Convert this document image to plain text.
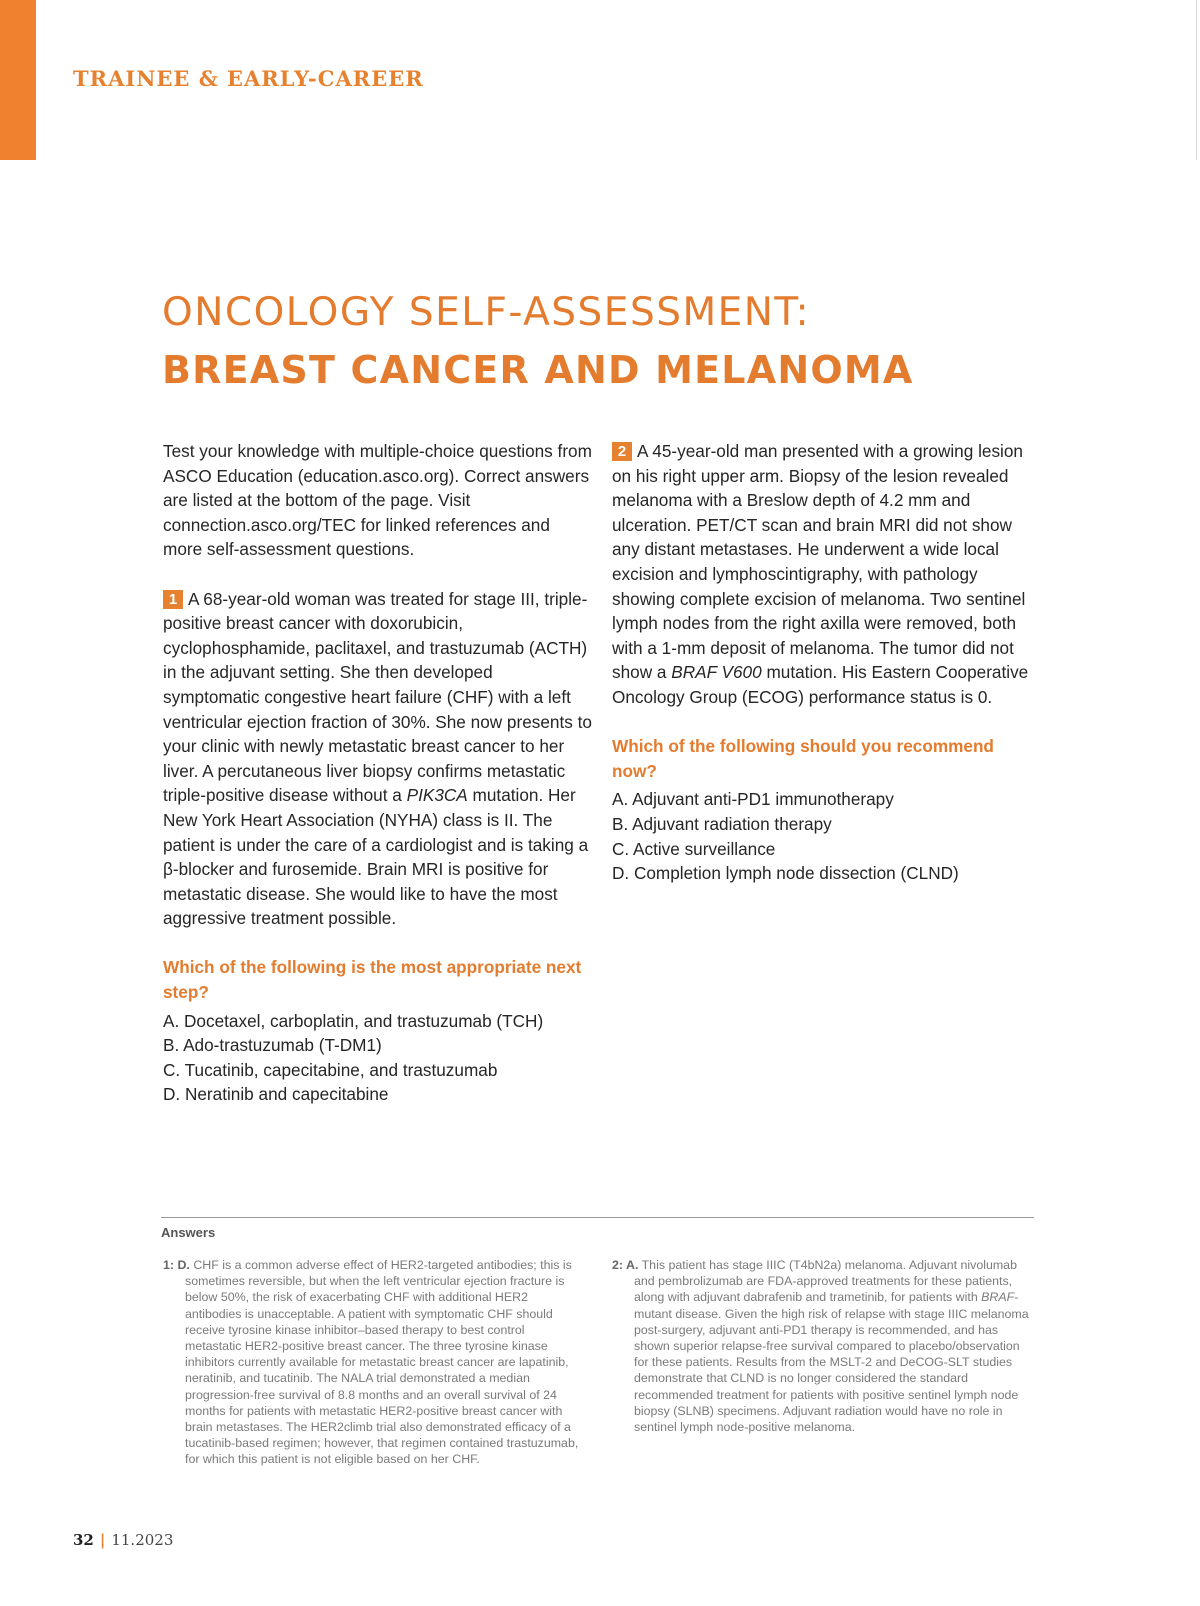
TRAINEE & EARLY-CAREER
ONCOLOGY SELF-ASSESSMENT:
BREAST CANCER AND MELANOMA

Test your knowledge with multiple-choice questions from ASCO Education (education.asco.org). Correct answers are listed at the bottom of the page. Visit connection.asco.org/TEC for linked references and more self-assessment questions.

1 A 68-year-old woman was treated for stage III, triple-positive breast cancer with doxorubicin, cyclophosphamide, paclitaxel, and trastuzumab (ACTH) in the adjuvant setting. She then developed symptomatic congestive heart failure (CHF) with a left ventricular ejection fraction of 30%. She now presents to your clinic with newly metastatic breast cancer to her liver. A percutaneous liver biopsy confirms metastatic triple-positive disease without a PIK3CA mutation. Her New York Heart Association (NYHA) class is II. The patient is under the care of a cardiologist and is taking a β-blocker and furosemide. Brain MRI is positive for metastatic disease. She would like to have the most aggressive treatment possible.

Which of the following is the most appropriate next step?

A. Docetaxel, carboplatin, and trastuzumab (TCH)
B. Ado-trastuzumab (T-DM1)
C. Tucatinib, capecitabine, and trastuzumab
D. Neratinib and capecitabine

2 A 45-year-old man presented with a growing lesion on his right upper arm. Biopsy of the lesion revealed melanoma with a Breslow depth of 4.2 mm and ulceration. PET/CT scan and brain MRI did not show any distant metastases. He underwent a wide local excision and lymphoscintigraphy, with pathology showing complete excision of melanoma. Two sentinel lymph nodes from the right axilla were removed, both with a 1-mm deposit of melanoma. The tumor did not show a BRAF V600 mutation. His Eastern Cooperative Oncology Group (ECOG) performance status is 0.

Which of the following should you recommend now?

A. Adjuvant anti-PD1 immunotherapy
B. Adjuvant radiation therapy
C. Active surveillance
D. Completion lymph node dissection (CLND)
Answers
1: D. CHF is a common adverse effect of HER2-targeted antibodies; this is sometimes reversible, but when the left ventricular ejection fracture is below 50%, the risk of exacerbating CHF with additional HER2 antibodies is unacceptable. A patient with symptomatic CHF should receive tyrosine kinase inhibitor–based therapy to best control metastatic HER2-positive breast cancer. The three tyrosine kinase inhibitors currently available for metastatic breast cancer are lapatinib, neratinib, and tucatinib. The NALA trial demonstrated a median progression-free survival of 8.8 months and an overall survival of 24 months for patients with metastatic HER2-positive breast cancer with brain metastases. The HER2climb trial also demonstrated efficacy of a tucatinib-based regimen; however, that regimen contained trastuzumab, for which this patient is not eligible based on her CHF.
2: A. This patient has stage IIIC (T4bN2a) melanoma. Adjuvant nivolumab and pembrolizumab are FDA-approved treatments for these patients, along with adjuvant dabrafenib and trametinib, for patients with BRAF-mutant disease. Given the high risk of relapse with stage IIIC melanoma post-surgery, adjuvant anti-PD1 therapy is recommended, and has shown superior relapse-free survival compared to placebo/observation for these patients. Results from the MSLT-2 and DeCOG-SLT studies demonstrate that CLND is no longer considered the standard recommended treatment for patients with positive sentinel lymph node biopsy (SLNB) specimens. Adjuvant radiation would have no role in sentinel lymph node-positive melanoma.
32 | 11.2023
